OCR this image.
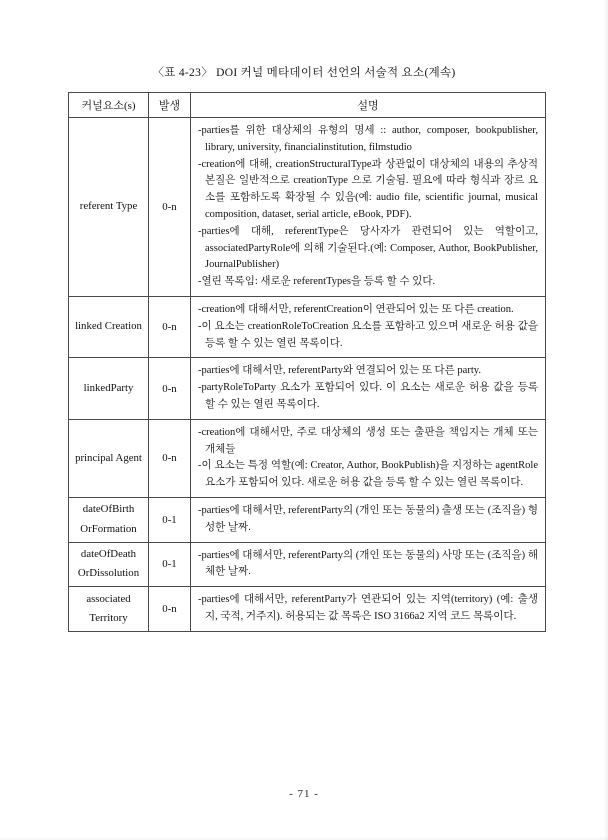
〈표 4-23〉 DOI 커널 메타데이터 선언의 서술적 요소(계속)
커널요소(s)	발생	설명
referent Type	0-n	-parties를 위한 대상체의 유형의 명세 :: author, composer, bookpublisher, library, university, financialinstitution, filmstudio

-creation에 대해, creationStructuralType과 상관없이 대상체의 내용의 추상적 본질은 일반적으로 creationType 으로 기술됨. 필요에 따라 형식과 장르 요소를 포함하도록 확장될 수 있음(예: audio file, scientific journal, musical composition, dataset, serial article, eBook, PDF).

-parties에 대해, referentType은 당사자가 관련되어 있는 역할이고, associatedPartyRole에 의해 기술된다.(예: Composer, Author, BookPublisher, JournalPublisher)

-열린 목록임: 새로운 referentTypes을 등록 할 수 있다.

linked Creation	0-n	-creation에 대해서만, referentCreation이 연관되어 있는 또 다른 creation.

-이 요소는 creationRoleToCreation 요소를 포함하고 있으며 새로운 허용 값을 등록 할 수 있는 열린 목록이다.

linkedParty	0-n	-parties에 대해서만, referentParty와 연결되어 있는 또 다른 party.

-partyRoleToParty 요소가 포함되어 있다. 이 요소는 새로운 허용 값을 등록 할 수 있는 열린 목록이다.

principal Agent	0-n	-creation에 대해서만, 주로 대상체의 생성 또는 출판을 책임지는 개체 또는 개체들

-이 요소는 특정 역할(예: Creator, Author, BookPublish)을 지정하는 agentRole 요소가 포함되어 있다. 새로운 허용 값을 등록 할 수 있는 열린 목록이다.

dateOfBirth OrFormation	0-1	-parties에 대해서만, referentParty의 (개인 또는 동물의) 출생 또는 (조직을) 형성한 날짜.

dateOfDeath OrDissolution	0-1	-parties에 대해서만, referentParty의 (개인 또는 동물의) 사망 또는 (조직을) 해체한 날짜.

associated Territory	0-n	-parties에 대해서만, referentParty가 연관되어 있는 지역(territory) (예: 출생지, 국적, 거주지). 허용되는 값 목록은 ISO 3166a2 지역 코드 목록이다.

- 71 -
